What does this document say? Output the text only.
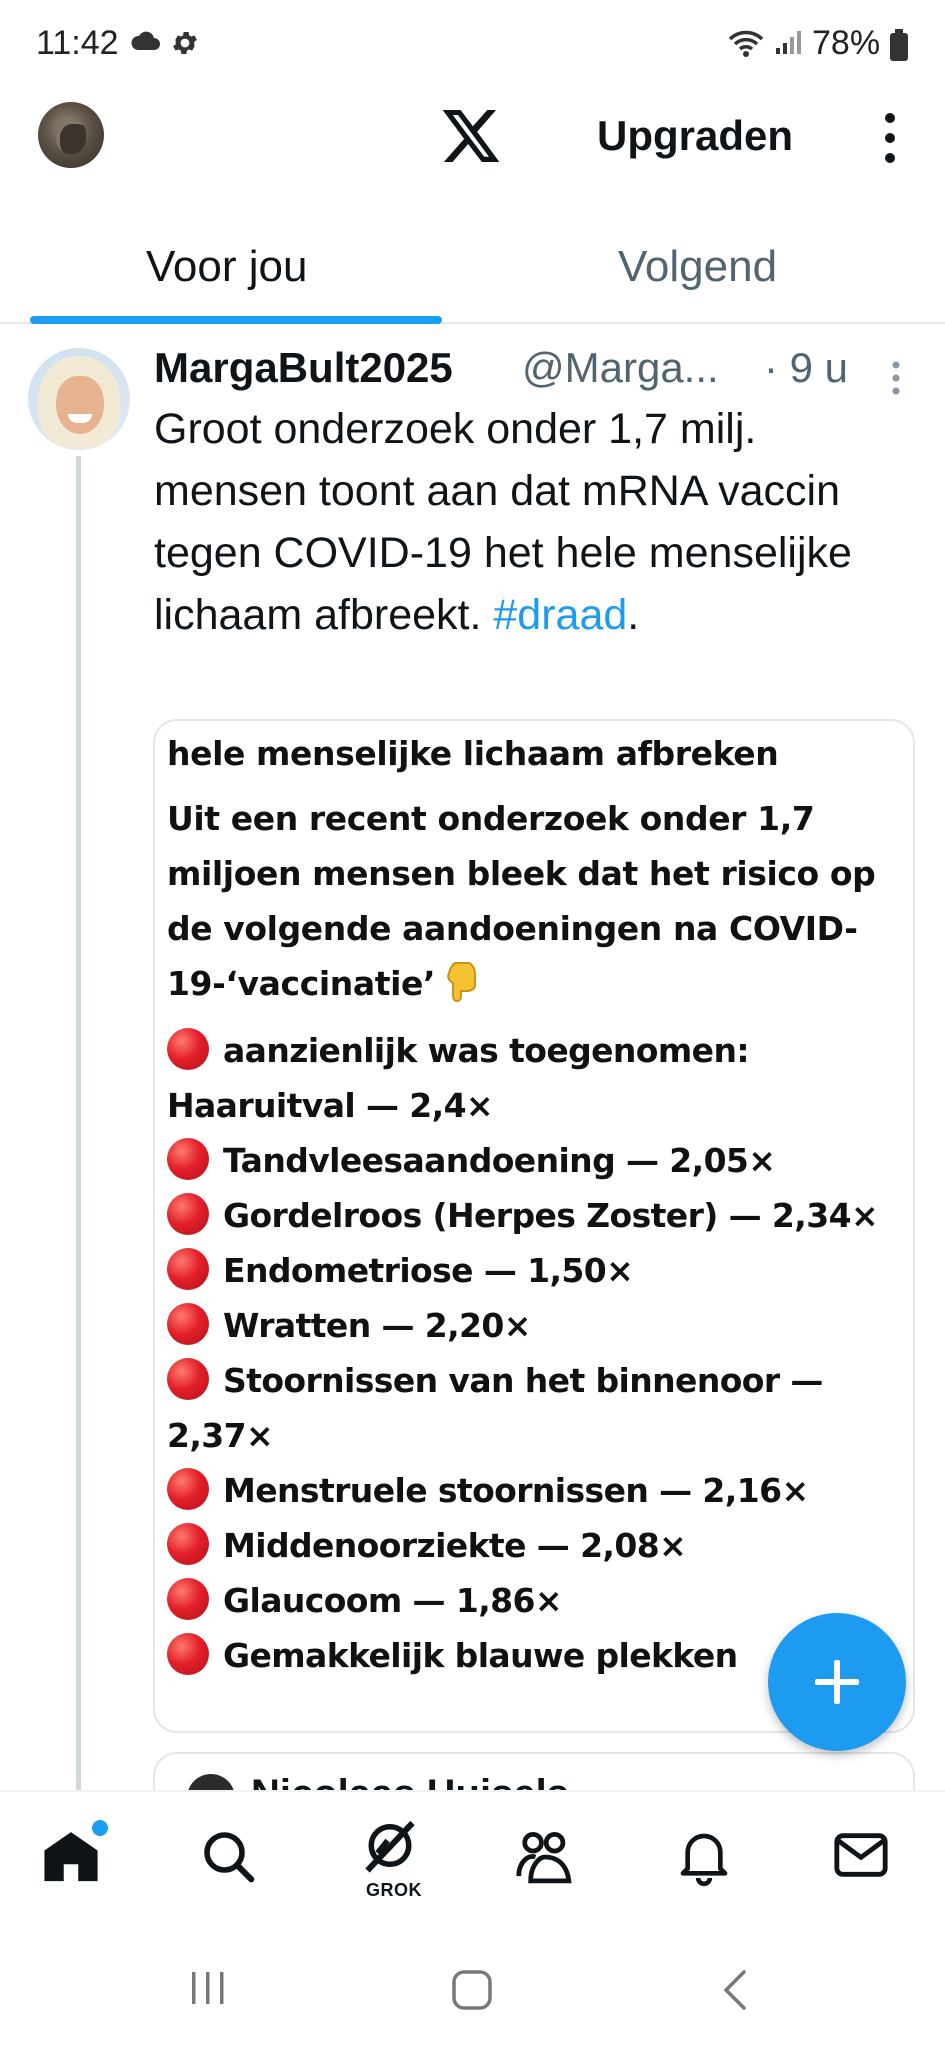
11:42	78%
Upgraden
Voor jou	Volgend
MargaBult2025 @Marga... · 9 u
Groot onderzoek onder 1,7 milj. mensen toont aan dat mRNA vaccin tegen COVID-19 het hele menselijke lichaam afbreekt. #draad.
hele menselijke lichaam afbreken
Uit een recent onderzoek onder 1,7 miljoen mensen bleek dat het risico op de volgende aandoeningen na COVID-19-‘vaccinatie’
aanzienlijk was toegenomen: Haaruitval — 2,4×
Tandvleesaandoening — 2,05×
Gordelroos (Herpes Zoster) — 2,34×
Endometriose — 1,50×
Wratten — 2,20×
Stoornissen van het binnenoor — 2,37×
Menstruele stoornissen — 2,16×
Middenoorziekte — 2,08×
Glaucoom — 1,86×
Gemakkelijk blauwe plekken
GROK
